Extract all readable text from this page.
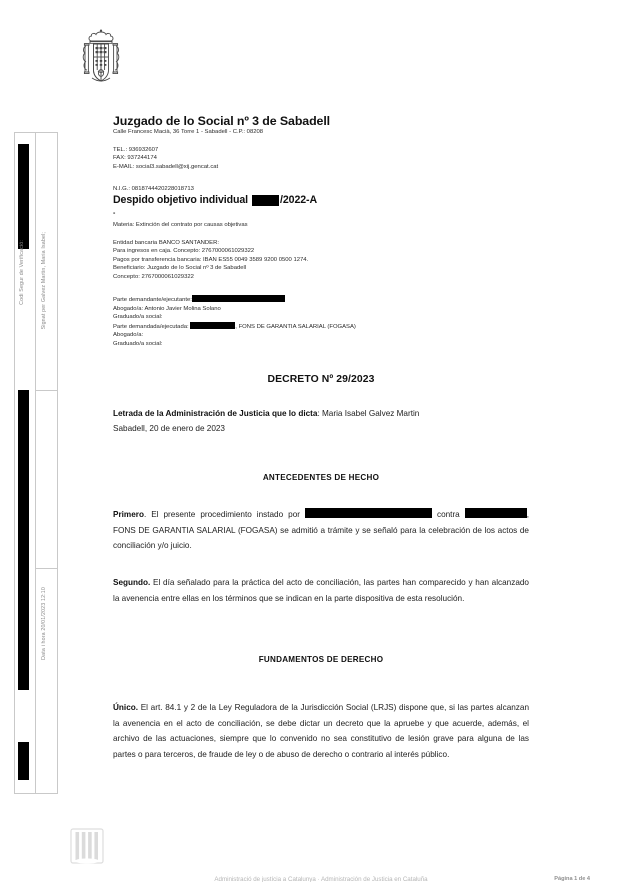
Codi Segur de Verificació:	Signat per Galvez Martin, Maria Isabel;
Data i hora 20/01/2023 12:10
Juzgado de lo Social nº 3 de Sabadell
Calle Francesc Macià, 36 Torre 1 - Sabadell - C.P.: 08208
TEL.: 936932607
FAX: 937244174
E-MAIL: social3.sabadell@xij.gencat.cat
N.I.G.: 0818744420228018713
Despido objetivo individual	/2022-A
-
Materia: Extinción del contrato por causas objetivas
Entidad bancaria BANCO SANTANDER:
Para ingresos en caja. Concepto: 2767000061029322
Pagos por transferencia bancaria: IBAN ES55 0049 3589 9200 0500 1274.
Beneficiario: Juzgado de lo Social nº 3 de Sabadell
Concepto: 2767000061029322
Parte demandante/ejecutante:
Abogado/a: Antonio Javier Molina Solano
Graduado/a social:
Parte demandada/ejecutada:	, FONS DE GARANTIA SALARIAL (FOGASA)
Abogado/a:
Graduado/a social:
DECRETO Nº 29/2023
Letrada de la Administración de Justicia que lo dicta: Maria Isabel Galvez Martin
Sabadell, 20 de enero de 2023
ANTECEDENTES DE HECHO
Primero. El presente procedimiento instado por	contra	, FONS DE GARANTIA SALARIAL (FOGASA) se admitió a trámite y se señaló para la celebración de los actos de conciliación y/o juicio.
Segundo. El día señalado para la práctica del acto de conciliación, las partes han comparecido y han alcanzado la avenencia entre ellas en los términos que se indican en la parte dispositiva de esta resolución.
FUNDAMENTOS DE DERECHO
Único. El art. 84.1 y 2 de la Ley Reguladora de la Jurisdicción Social (LRJS) dispone que, si las partes alcanzan la avenencia en el acto de conciliación, se debe dictar un decreto que la apruebe y que acuerde, además, el archivo de las actuaciones, siempre que lo convenido no sea constitutivo de lesión grave para alguna de las partes o para terceros, de fraude de ley o de abuso de derecho o contrario al interés público.
Administració de justícia a Catalunya · Administración de Justicia en Cataluña	Página 1 de 4
